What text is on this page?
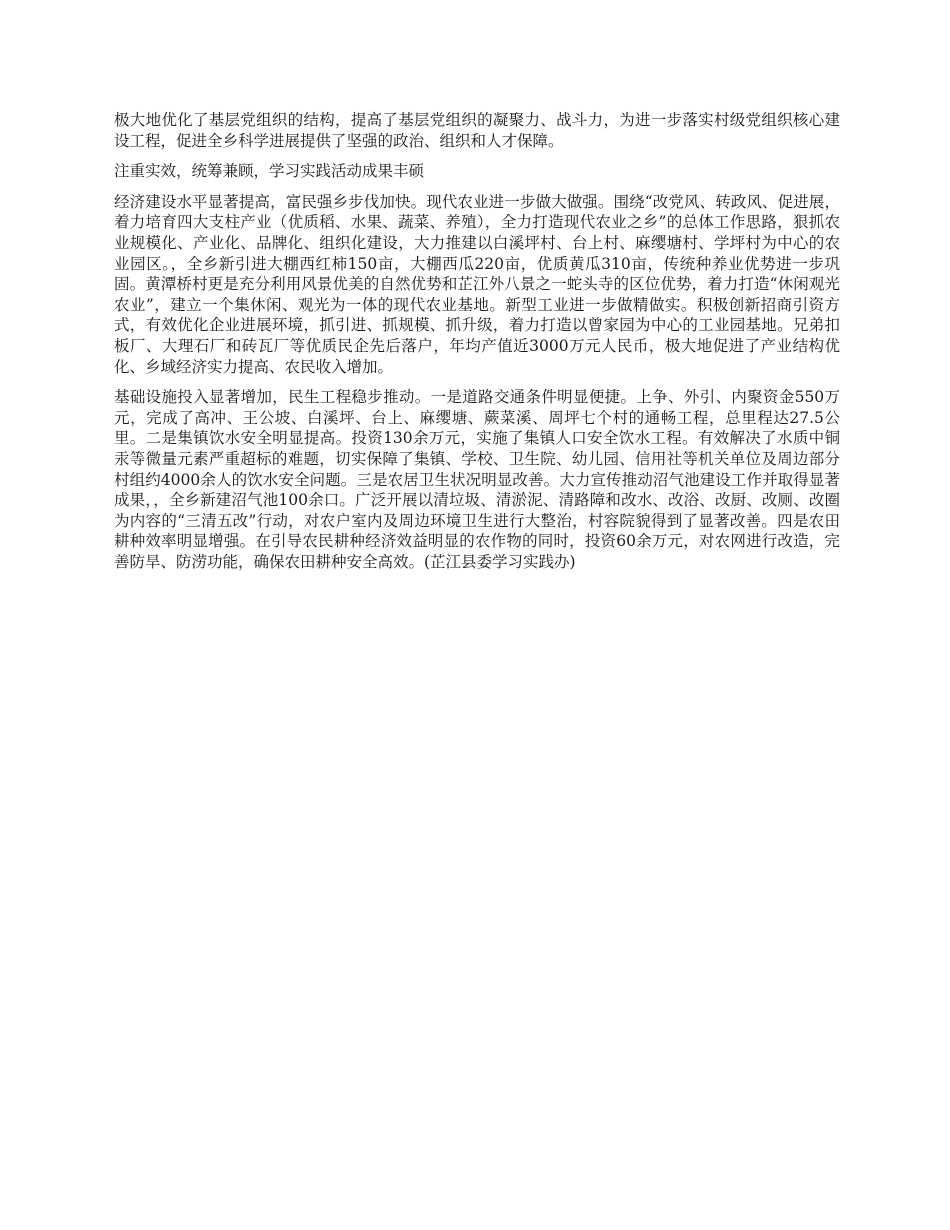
极大地优化了基层党组织的结构，提高了基层党组织的凝聚力、战斗力，为进一步落实村级党组织核心建设工程，促进全乡科学进展提供了坚强的政治、组织和人才保障。

注重实效，统筹兼顾，学习实践活动成果丰硕

经济建设水平显著提高，富民强乡步伐加快。现代农业进一步做大做强。围绕“改党风、转政风、促进展，着力培育四大支柱产业（优质稻、水果、蔬菜、养殖），全力打造现代农业之乡”的总体工作思路，狠抓农业规模化、产业化、品牌化、组织化建设，大力推建以白溪坪村、台上村、麻缨塘村、学坪村为中心的农业园区。，全乡新引进大棚西红柿150亩，大棚西瓜220亩，优质黄瓜310亩，传统种养业优势进一步巩固。黄潭桥村更是充分利用风景优美的自然优势和芷江外八景之一蛇头寺的区位优势，着力打造“休闲观光农业”，建立一个集休闲、观光为一体的现代农业基地。新型工业进一步做精做实。积极创新招商引资方式，有效优化企业进展环境，抓引进、抓规模、抓升级，着力打造以曾家园为中心的工业园基地。兄弟扣板厂、大理石厂和砖瓦厂等优质民企先后落户，年均产值近3000万元人民币，极大地促进了产业结构优化、乡域经济实力提高、农民收入增加。

基础设施投入显著增加，民生工程稳步推动。一是道路交通条件明显便捷。上争、外引、内聚资金550万元，完成了高冲、王公坡、白溪坪、台上、麻缨塘、蕨菜溪、周坪七个村的通畅工程，总里程达27.5公里。二是集镇饮水安全明显提高。投资130余万元，实施了集镇人口安全饮水工程。有效解决了水质中铜汞等微量元素严重超标的难题，切实保障了集镇、学校、卫生院、幼儿园、信用社等机关单位及周边部分村组约4000余人的饮水安全问题。三是农居卫生状况明显改善。大力宣传推动沼气池建设工作并取得显著成果，，全乡新建沼气池100余口。广泛开展以清垃圾、清淤泥、清路障和改水、改浴、改厨、改厕、改圈为内容的“三清五改”行动，对农户室内及周边环境卫生进行大整治，村容院貌得到了显著改善。四是农田耕种效率明显增强。在引导农民耕种经济效益明显的农作物的同时，投资60余万元，对农网进行改造，完善防旱、防涝功能，确保农田耕种安全高效。(芷江县委学习实践办)
